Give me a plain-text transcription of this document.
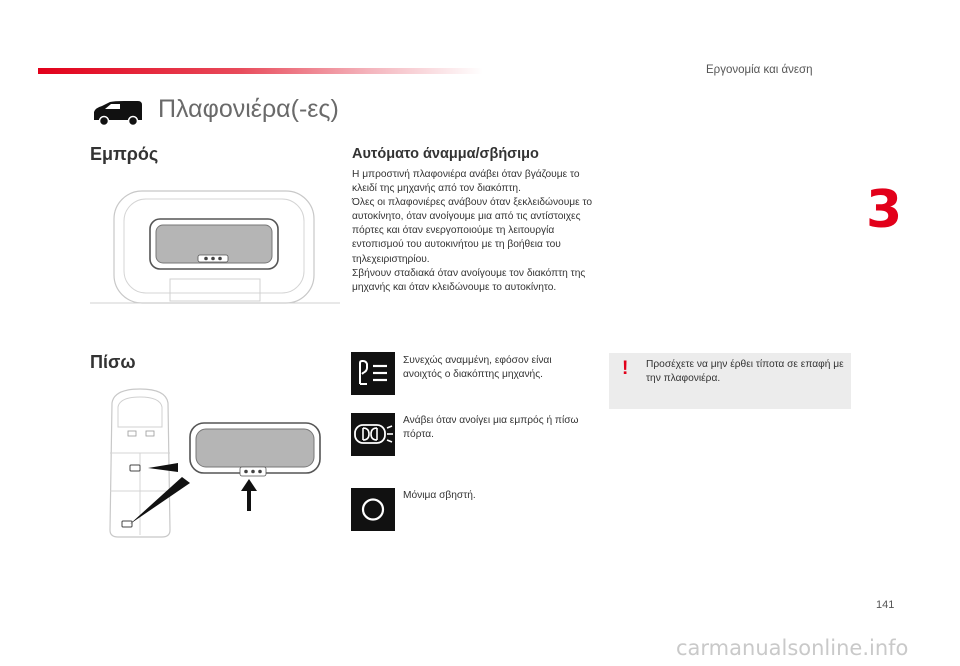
Εργονομία και άνεση
3
Πλαφονιέρα(-ες)
Εμπρός
Πίσω
Αυτόματο άναμμα/σβήσιμο

Η μπροστινή πλαφονιέρα ανάβει όταν βγάζουμε το κλειδί της μηχανής από τον διακόπτη.

Όλες οι πλαφονιέρες ανάβουν όταν ξεκλειδώνουμε το αυτοκίνητο, όταν ανοίγουμε μια από τις αντίστοιχες πόρτες και όταν ενεργοποιούμε τη λειτουργία εντοπισμού του αυτοκινήτου με τη βοήθεια του τηλεχειριστηρίου.

Σβήνουν σταδιακά όταν ανοίγουμε τον διακόπτη της μηχανής και όταν κλειδώνουμε το αυτοκίνητο.

Συνεχώς αναμμένη, εφόσον είναι ανοιχτός ο διακόπτης μηχανής.
Ανάβει όταν ανοίγει μια εμπρός ή πίσω πόρτα.
Μόνιμα σβηστή.
! Προσέχετε να μην έρθει τίποτα σε επαφή με την πλαφονιέρα.
141
carmanualsonline.info
